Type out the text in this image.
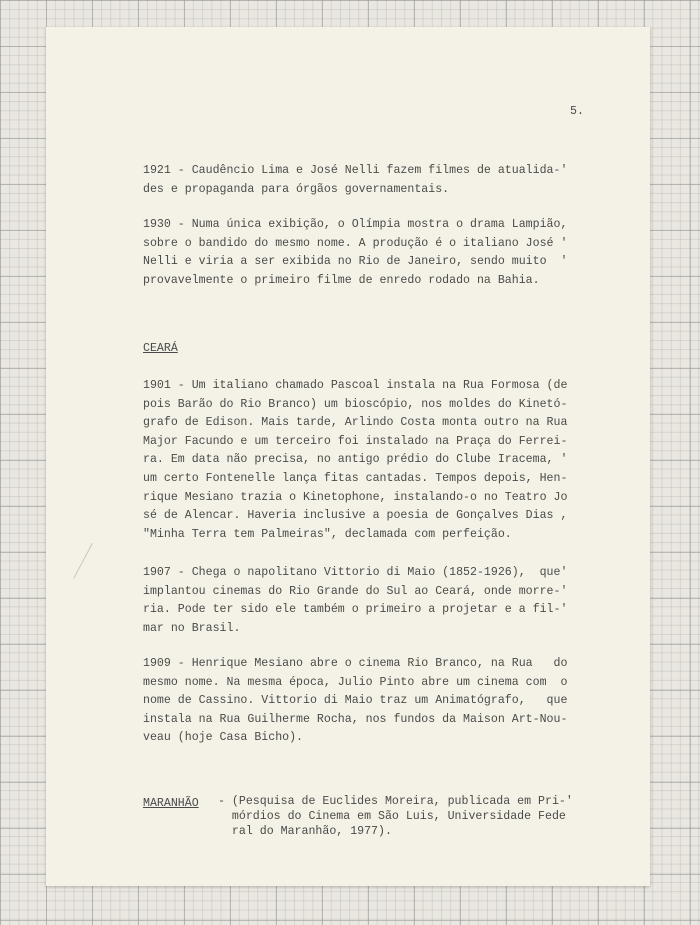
5.

1921 - Caudêncio Lima e José Nelli fazem filmes de atualida-'
des e propaganda para órgãos governamentais.

1930 - Numa única exibição, o Olímpia mostra o drama Lampião,
sobre o bandido do mesmo nome. A produção é o italiano José '
Nelli e viria a ser exibida no Rio de Janeiro, sendo muito  '
provavelmente o primeiro filme de enredo rodado na Bahia.

CEARÁ

1901 - Um italiano chamado Pascoal instala na Rua Formosa (de
pois Barão do Rio Branco) um bioscópio, nos moldes do Kinetó-
grafo de Edison. Mais tarde, Arlindo Costa monta outro na Rua
Major Facundo e um terceiro foi instalado na Praça do Ferrei-
ra. Em data não precisa, no antigo prédio do Clube Iracema, '
um certo Fontenelle lança fitas cantadas. Tempos depois, Hen-
rique Mesiano trazia o Kinetophone, instalando-o no Teatro Jo
sé de Alencar. Haveria inclusive a poesia de Gonçalves Dias ,
"Minha Terra tem Palmeiras", declamada com perfeição.

1907 - Chega o napolitano Vittorio di Maio (1852-1926),  que'
implantou cinemas do Rio Grande do Sul ao Ceará, onde morre-'
ria. Pode ter sido ele também o primeiro a projetar e a fil-'
mar no Brasil.

1909 - Henrique Mesiano abre o cinema Rio Branco, na Rua   do
mesmo nome. Na mesma época, Julio Pinto abre um cinema com  o
nome de Cassino. Vittorio di Maio traz um Animatógrafo,   que
instala na Rua Guilherme Rocha, nos fundos da Maison Art-Nou-
veau (hoje Casa Bicho).

MARANHÃO - (Pesquisa de Euclides Moreira, publicada em Pri-'
mórdios do Cinema em São Luis, Universidade Fede
ral do Maranhão, 1977).
